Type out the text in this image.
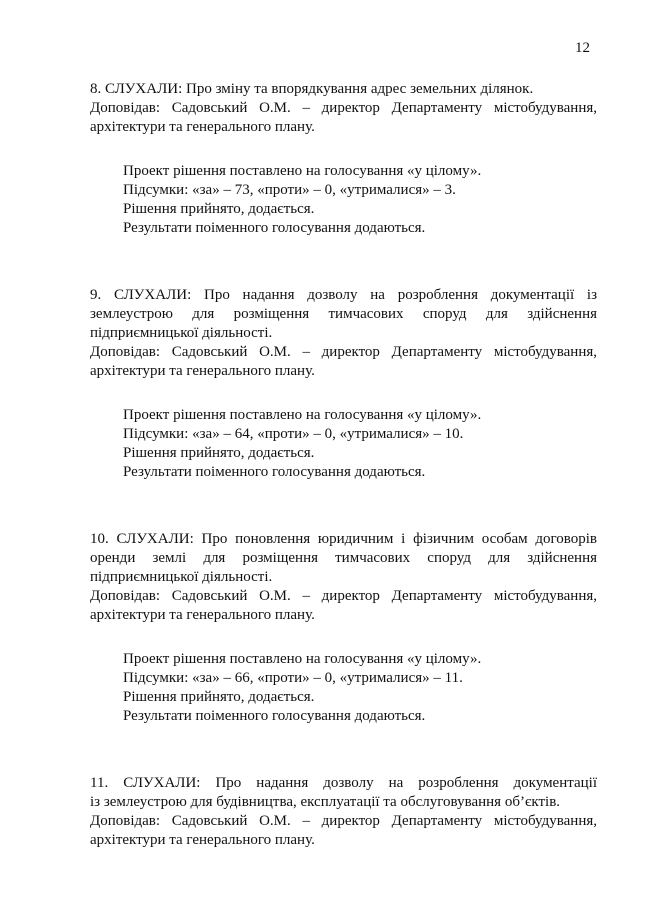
12

8. СЛУХАЛИ: Про зміну та впорядкування адрес земельних ділянок.

Доповідав: Садовський О.М. – директор Департаменту містобудування,

архітектури та генерального плану.

Проект рішення поставлено на голосування «у цілому».

Підсумки: «за» – 73, «проти» – 0, «утрималися» – 3.

Рішення прийнято, додається.

Результати поіменного голосування додаються.

9. СЛУХАЛИ: Про надання дозволу на розроблення документації із

землеустрою для розміщення тимчасових споруд для здійснення

підприємницької діяльності.

Доповідав: Садовський О.М. – директор Департаменту містобудування,

архітектури та генерального плану.

Проект рішення поставлено на голосування «у цілому».

Підсумки: «за» – 64, «проти» – 0, «утрималися» – 10.

Рішення прийнято, додається.

Результати поіменного голосування додаються.

10. СЛУХАЛИ: Про поновлення юридичним і фізичним особам договорів

оренди землі для розміщення тимчасових споруд для здійснення

підприємницької діяльності.

Доповідав: Садовський О.М. – директор Департаменту містобудування,

архітектури та генерального плану.

Проект рішення поставлено на голосування «у цілому».

Підсумки: «за» – 66, «проти» – 0, «утрималися» – 11.

Рішення прийнято, додається.

Результати поіменного голосування додаються.

11. СЛУХАЛИ: Про надання дозволу на розроблення документації

із землеустрою для будівництва, експлуатації та обслуговування об’єктів.

Доповідав: Садовський О.М. – директор Департаменту містобудування,

архітектури та генерального плану.
